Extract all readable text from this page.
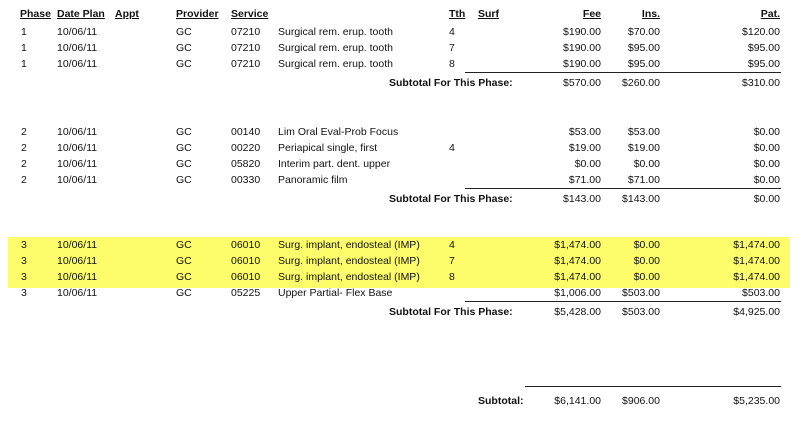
Phase Date Plan Appt	Provider Service	Tth Surf	Fee	Ins.	Pat.
1	10/06/11	GC	07210 Surgical rem. erup. tooth	4	$190.00	$70.00	$120.00
1	10/06/11	GC	07210 Surgical rem. erup. tooth	7	$190.00	$95.00	$95.00
1	10/06/11	GC	07210 Surgical rem. erup. tooth	8	$190.00	$95.00	$95.00
Subtotal For This Phase:	$570.00	$260.00	$310.00
2	10/06/11	GC	00140 Lim Oral Eval-Prob Focus	$53.00	$53.00	$0.00
2	10/06/11	GC	00220 Periapical single, first	4	$19.00	$19.00	$0.00
2	10/06/11	GC	05820 Interim part. dent. upper	$0.00	$0.00	$0.00
2	10/06/11	GC	00330 Panoramic film	$71.00	$71.00	$0.00
Subtotal For This Phase:	$143.00	$143.00	$0.00
3	10/06/11	GC	06010 Surg. implant, endosteal (IMP)	4	$1,474.00	$0.00	$1,474.00
3	10/06/11	GC	06010 Surg. implant, endosteal (IMP)	7	$1,474.00	$0.00	$1,474.00
3	10/06/11	GC	06010 Surg. implant, endosteal (IMP)	8	$1,474.00	$0.00	$1,474.00
3	10/06/11	GC	05225 Upper Partial- Flex Base	$1,006.00	$503.00	$503.00
Subtotal For This Phase:	$5,428.00	$503.00	$4,925.00
Subtotal:	$6,141.00	$906.00	$5,235.00
